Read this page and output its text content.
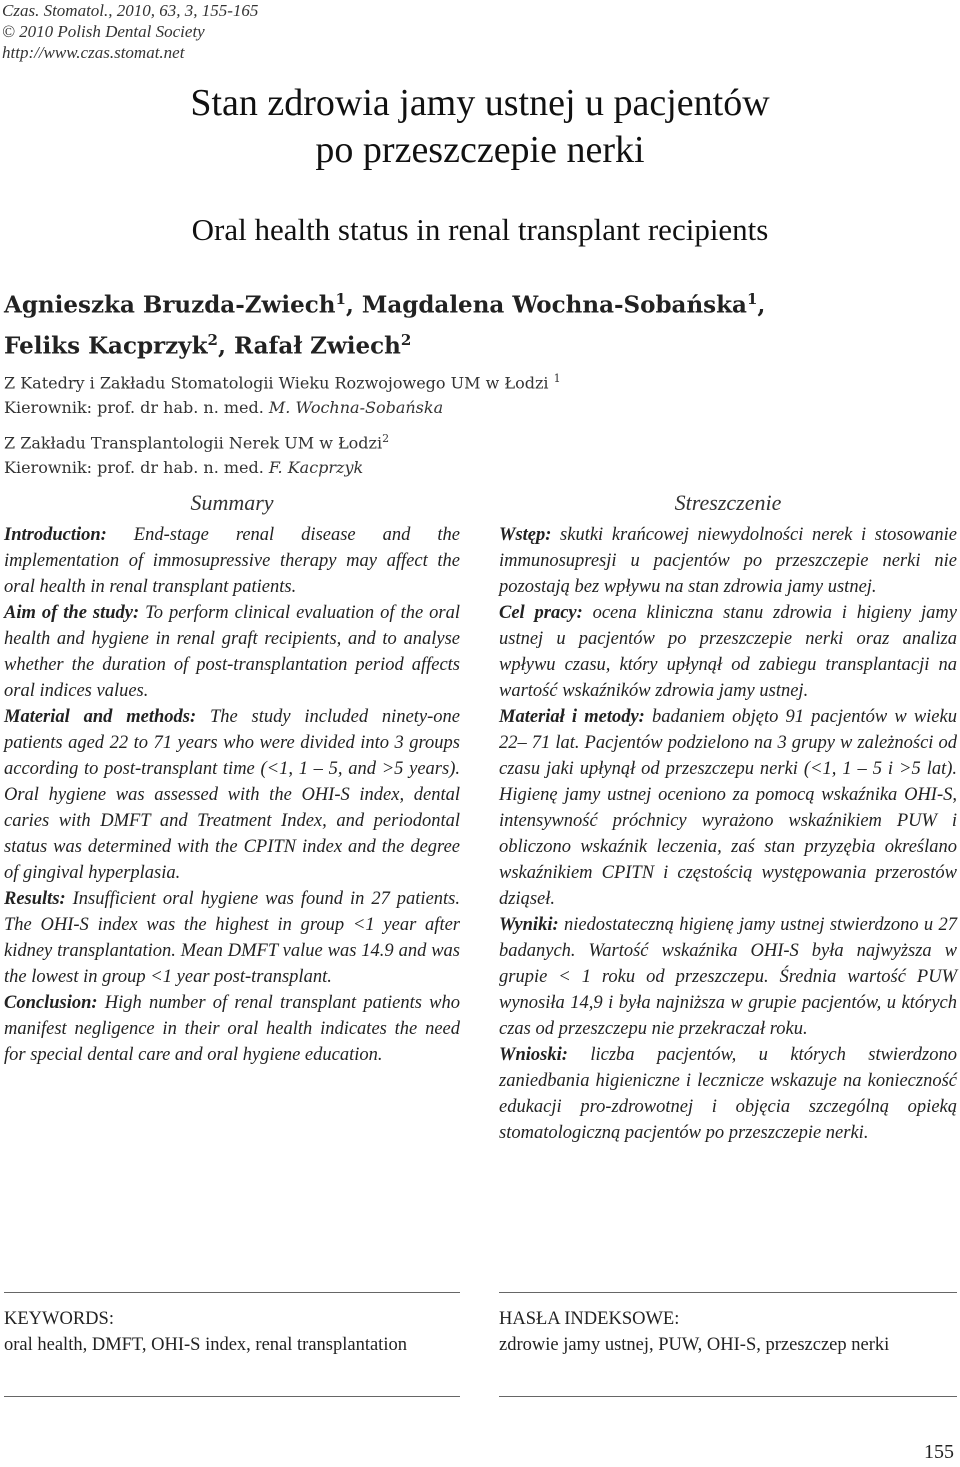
Czas. Stomatol., 2010, 63, 3, 155-165
© 2010 Polish Dental Society
http://www.czas.stomat.net
Stan zdrowia jamy ustnej u pacjentów
po przeszczepie nerki
Oral health status in renal transplant recipients
Agnieszka Bruzda-Zwiech$^1$, Magdalena Wochna-Sobańska$^1$,
Feliks Kacprzyk$^2$, Rafał Zwiech$^2$
Z Katedry i Zakładu Stomatologii Wieku Rozwojowego UM w Łodzi $^1$
Kierownik: prof. dr hab. n. med. M. Wochna-Sobańska
Z Zakładu Transplantologii Nerek UM w Łodzi$^2$
Kierownik: prof. dr hab. n. med. F. Kacprzyk
Summary

Introduction: End-stage renal disease and the implementation of immosupressive therapy may affect the oral health in renal transplant patients.
Aim of the study: To perform clinical evaluation of the oral health and hygiene in renal graft recipients, and to analyse whether the duration of post-transplantation period affects oral indices values.
Material and methods: The study included ninety-one patients aged 22 to 71 years who were divided into 3 groups according to post-transplant time (<1, 1 – 5, and >5 years). Oral hygiene was assessed with the OHI-S index, dental caries with DMFT and Treatment Index, and periodontal status was determined with the CPITN index and the degree of gingival hyperplasia.
Results: Insufficient oral hygiene was found in 27 patients. The OHI-S index was the highest in group <1 year after kidney transplantation. Mean DMFT value was 14.9 and was the lowest in group <1 year post-transplant.
Conclusion: High number of renal transplant patients who manifest negligence in their oral health indicates the need for special dental care and oral hygiene education.

Streszczenie

Wstęp: skutki krańcowej niewydolności nerek i stosowanie immunosupresji u pacjentów po przeszczepie nerki nie pozostają bez wpływu na stan zdrowia jamy ustnej.
Cel pracy: ocena kliniczna stanu zdrowia i higieny jamy ustnej u pacjentów po przeszczepie nerki oraz analiza wpływu czasu, który upłynął od zabiegu transplantacji na wartość wskaźników zdrowia jamy ustnej.
Materiał i metody: badaniem objęto 91 pacjentów w wieku 22– 71 lat. Pacjentów podzielono na 3 grupy w zależności od czasu jaki upłynął od przeszczepu nerki (<1, 1 – 5 i >5 lat). Higienę jamy ustnej oceniono za pomocą wskaźnika OHI-S, intensywność próchnicy wyrażono wskaźnikiem PUW i obliczono wskaźnik leczenia, zaś stan przyzębia określano wskaźnikiem CPITN i częstością występowania przerostów dziąseł.
Wyniki: niedostateczną higienę jamy ustnej stwierdzono u 27 badanych. Wartość wskaźnika OHI-S była najwyższa w grupie < 1 roku od przeszczepu. Średnia wartość PUW wynosiła 14,9 i była najniższa w grupie pacjentów, u których czas od przeszczepu nie przekraczał roku.
Wnioski: liczba pacjentów, u których stwierdzono zaniedbania higieniczne i lecznicze wskazuje na konieczność edukacji pro-zdrowotnej i objęcia szczególną opieką stomatologiczną pacjentów po przeszczepie nerki.

KEYWORDS:
oral health, DMFT, OHI-S index, renal transplantation
HASŁA INDEKSOWE:
zdrowie jamy ustnej, PUW, OHI-S, przeszczep nerki
155
